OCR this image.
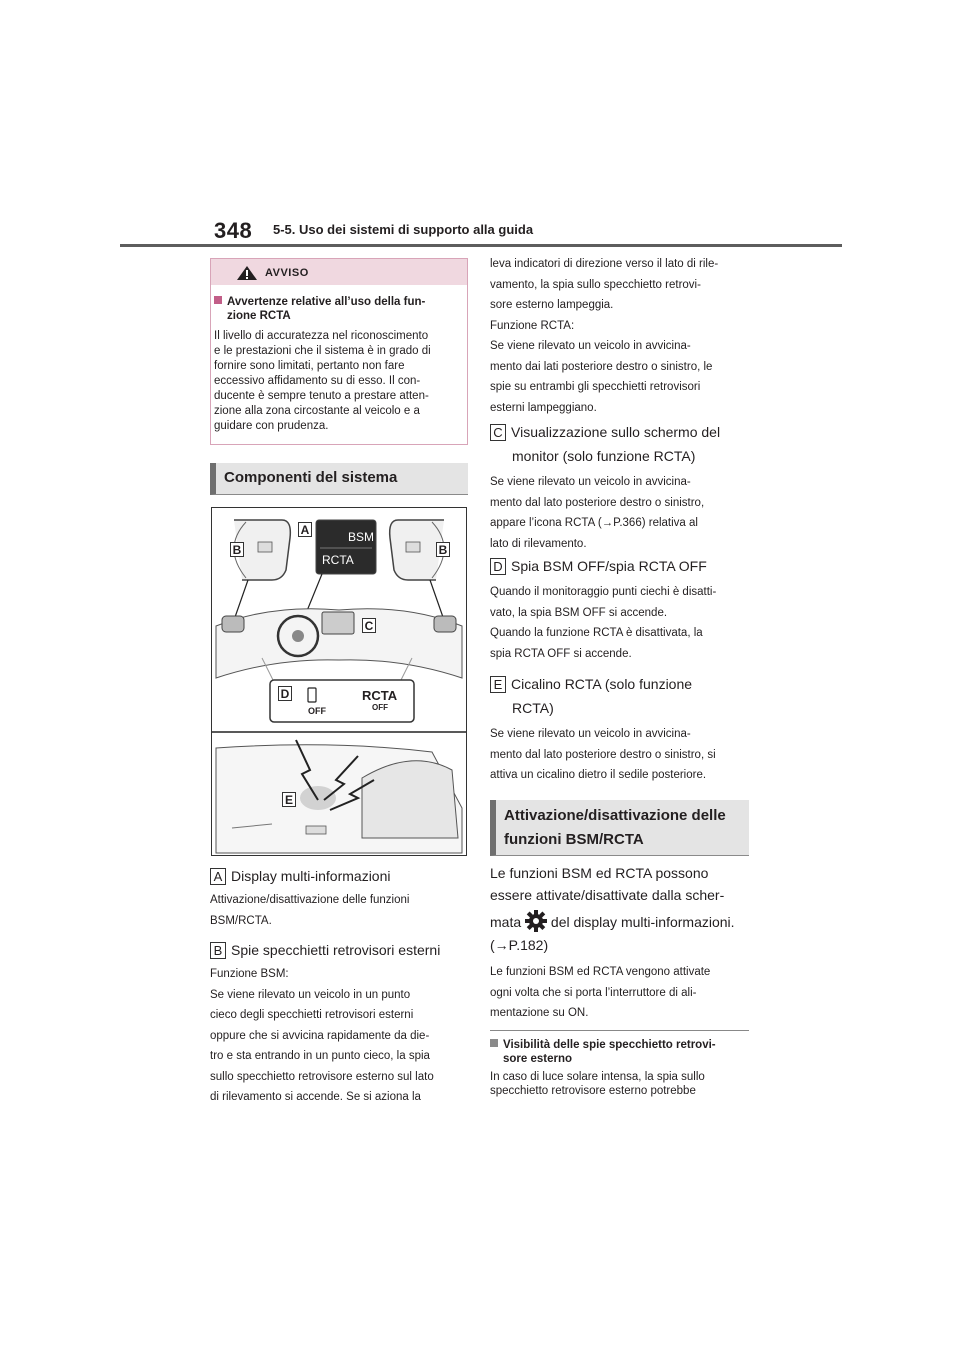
348 5-5. Uso dei sistemi di supporto alla guida
AVVISO
Avvertenze relative all’uso della fun-
zione RCTA
Il livello di accuratezza nel riconoscimento
e le prestazioni che il sistema è in grado di
fornire sono limitati, pertanto non fare
eccessivo affidamento su di esso. Il con-
ducente è sempre tenuto a prestare atten-
zione alla zona circostante al veicolo e a
guidare con prudenza.
Componenti del sistema
B	B
A
C
D
E
BSM
RCTA
OFF
RCTA
OFF
A Display multi-informazioni
Attivazione/disattivazione delle funzioni
BSM/RCTA.
B Spie specchietti retrovisori esterni
Funzione BSM:
Se viene rilevato un veicolo in un punto
cieco degli specchietti retrovisori esterni
oppure che si avvicina rapidamente da die-
tro e sta entrando in un punto cieco, la spia
sullo specchietto retrovisore esterno sul lato
di rilevamento si accende. Se si aziona la
leva indicatori di direzione verso il lato di rile-
vamento, la spia sullo specchietto retrovi-
sore esterno lampeggia.
Funzione RCTA:
Se viene rilevato un veicolo in avvicina-
mento dai lati posteriore destro o sinistro, le
spie su entrambi gli specchietti retrovisori
esterni lampeggiano.
C Visualizzazione sullo schermo del
monitor (solo funzione RCTA)
Se viene rilevato un veicolo in avvicina-
mento dal lato posteriore destro o sinistro,
appare l’icona RCTA (→P.366) relativa al
lato di rilevamento.
D Spia BSM OFF/spia RCTA OFF
Quando il monitoraggio punti ciechi è disatti-
vato, la spia BSM OFF si accende.
Quando la funzione RCTA è disattivata, la
spia RCTA OFF si accende.
E Cicalino RCTA (solo funzione
RCTA)
Se viene rilevato un veicolo in avvicina-
mento dal lato posteriore destro o sinistro, si
attiva un cicalino dietro il sedile posteriore.
Attivazione/disattivazione delle
funzioni BSM/RCTA
Le funzioni BSM ed RCTA possono
essere attivate/disattivate dalla scher-
mata del display multi-informazioni.
(→P.182)
Le funzioni BSM ed RCTA vengono attivate
ogni volta che si porta l’interruttore di ali-
mentazione su ON.
Visibilità delle spie specchietto retrovi-
sore esterno
In caso di luce solare intensa, la spia sullo
specchietto retrovisore esterno potrebbe
